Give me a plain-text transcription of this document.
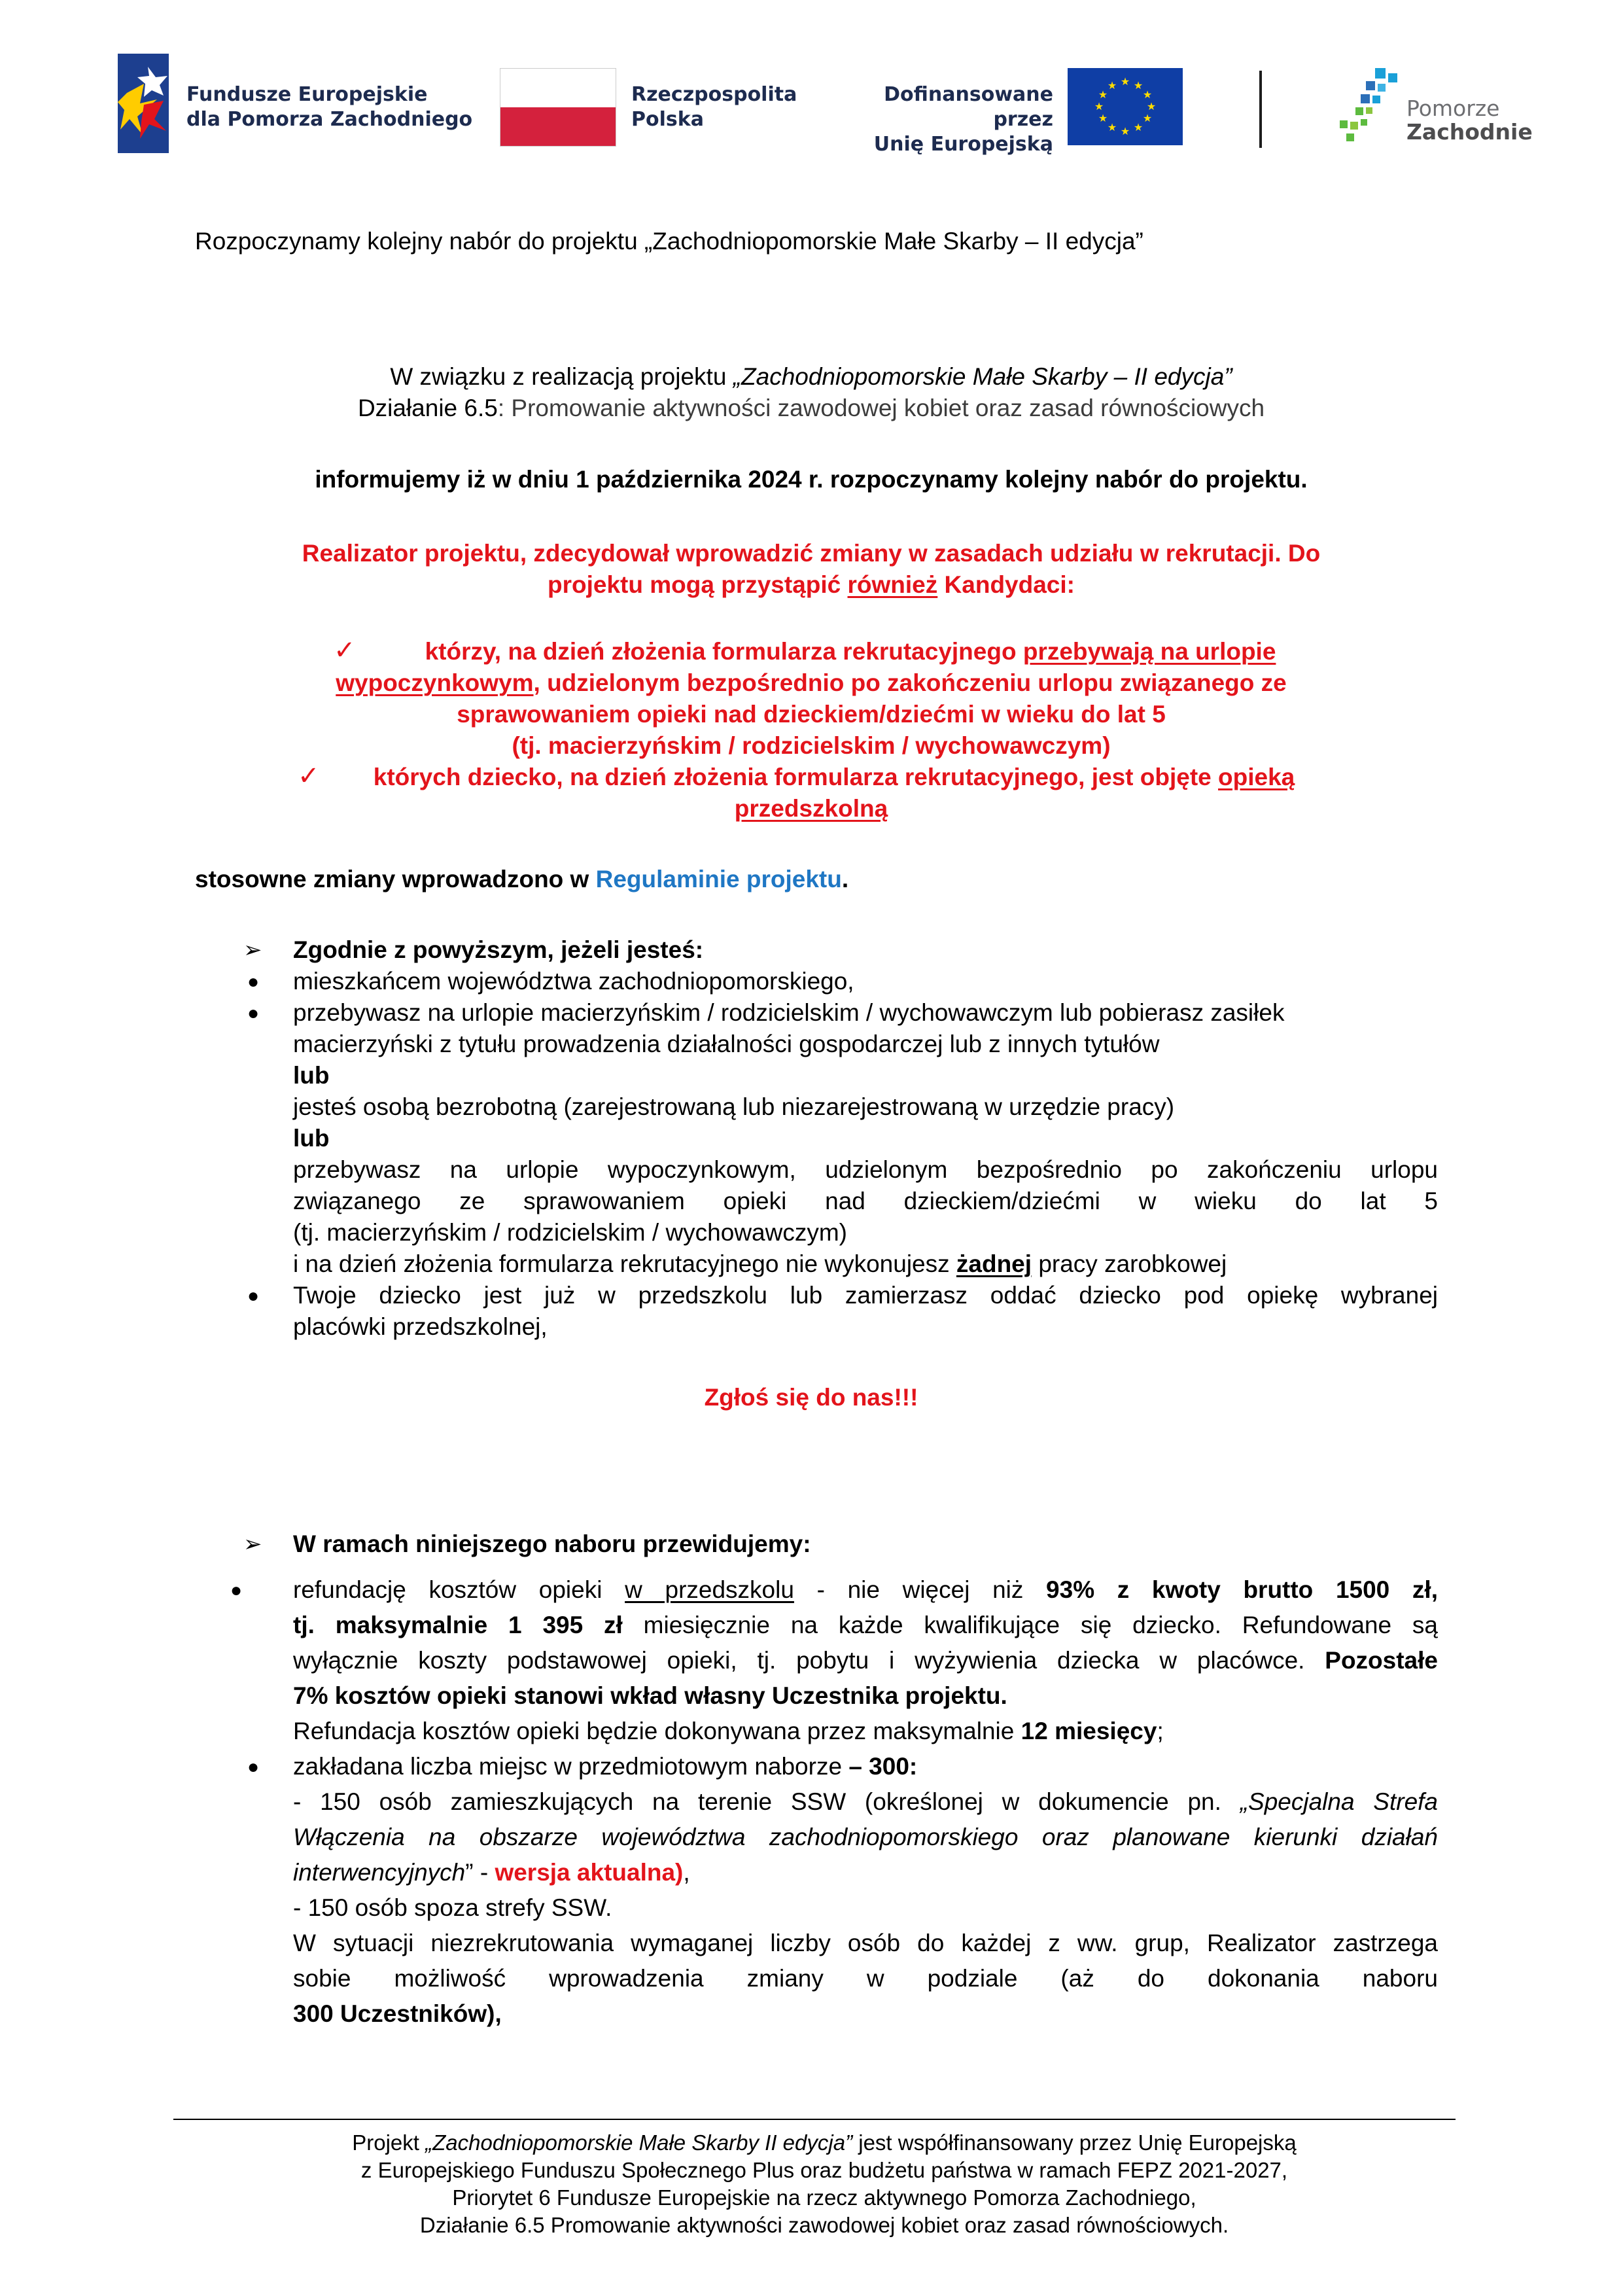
Fundusze Europejskie
dla Pomorza Zachodniego
Rzeczpospolita
Polska
Dofinansowane przez
Unię Europejską
★ ★
★
★
★
★
★
★
★
★
★
★
Pomorze
Zachodnie
Rozpoczynamy kolejny nabór do projektu „Zachodniopomorskie Małe Skarby – II edycja”
W związku z realizacją projektu „Zachodniopomorskie Małe Skarby – II edycja”
Działanie 6.5: Promowanie aktywności zawodowej kobiet oraz zasad równościowych
informujemy iż w dniu 1 października 2024 r. rozpoczynamy kolejny nabór do projektu.
Realizator projektu, zdecydował wprowadzić zmiany w zasadach udziału w rekrutacji. Do
projektu mogą przystąpić również Kandydaci:
✓	którzy, na dzień złożenia formularza rekrutacyjnego przebywają na urlopie
wypoczynkowym, udzielonym bezpośrednio po zakończeniu urlopu związanego ze
sprawowaniem opieki nad dzieckiem/dziećmi w wieku do lat 5
(tj. macierzyńskim / rodzicielskim / wychowawczym)
✓	których dziecko, na dzień złożenia formularza rekrutacyjnego, jest objęte opieką
przedszkolną
stosowne zmiany wprowadzono w Regulaminie projektu.
➢ Zgodnie z powyższym, jeżeli jesteś:
● mieszkańcem województwa zachodniopomorskiego,
● przebywasz na urlopie macierzyńskim / rodzicielskim / wychowawczym lub pobierasz zasiłek
macierzyński z tytułu prowadzenia działalności gospodarczej lub z innych tytułów
lub
jesteś osobą bezrobotną (zarejestrowaną lub niezarejestrowaną w urzędzie pracy)
lub
przebywasz na urlopie wypoczynkowym, udzielonym bezpośrednio po zakończeniu urlopu
związanego ze sprawowaniem opieki nad dzieckiem/dziećmi w wieku do lat 5
(tj. macierzyńskim / rodzicielskim / wychowawczym)
i na dzień złożenia formularza rekrutacyjnego nie wykonujesz żadnej pracy zarobkowej
● Twoje dziecko jest już w przedszkolu lub zamierzasz oddać dziecko pod opiekę wybranej
placówki przedszkolnej,
Zgłoś się do nas!!!
➢ W ramach niniejszego naboru przewidujemy:
● refundację kosztów opieki w przedszkolu - nie więcej niż 93% z kwoty brutto 1500 zł,
tj. maksymalnie 1 395 zł miesięcznie na każde kwalifikujące się dziecko. Refundowane są
wyłącznie koszty podstawowej opieki, tj. pobytu i wyżywienia dziecka w placówce. Pozostałe
7% kosztów opieki stanowi wkład własny Uczestnika projektu.
Refundacja kosztów opieki będzie dokonywana przez maksymalnie 12 miesięcy;
● zakładana liczba miejsc w przedmiotowym naborze – 300:
- 150 osób zamieszkujących na terenie SSW (określonej w dokumencie pn. „Specjalna Strefa
Włączenia na obszarze województwa zachodniopomorskiego oraz planowane kierunki działań
interwencyjnych” - wersja aktualna),
- 150 osób spoza strefy SSW.
W sytuacji niezrekrutowania wymaganej liczby osób do każdej z ww. grup, Realizator zastrzega
sobie możliwość wprowadzenia zmiany w podziale (aż do dokonania naboru
300 Uczestników),
Projekt „Zachodniopomorskie Małe Skarby II edycja” jest współfinansowany przez Unię Europejską
z Europejskiego Funduszu Społecznego Plus oraz budżetu państwa w ramach FEPZ 2021-2027,
Priorytet 6 Fundusze Europejskie na rzecz aktywnego Pomorza Zachodniego,
Działanie 6.5 Promowanie aktywności zawodowej kobiet oraz zasad równościowych.
